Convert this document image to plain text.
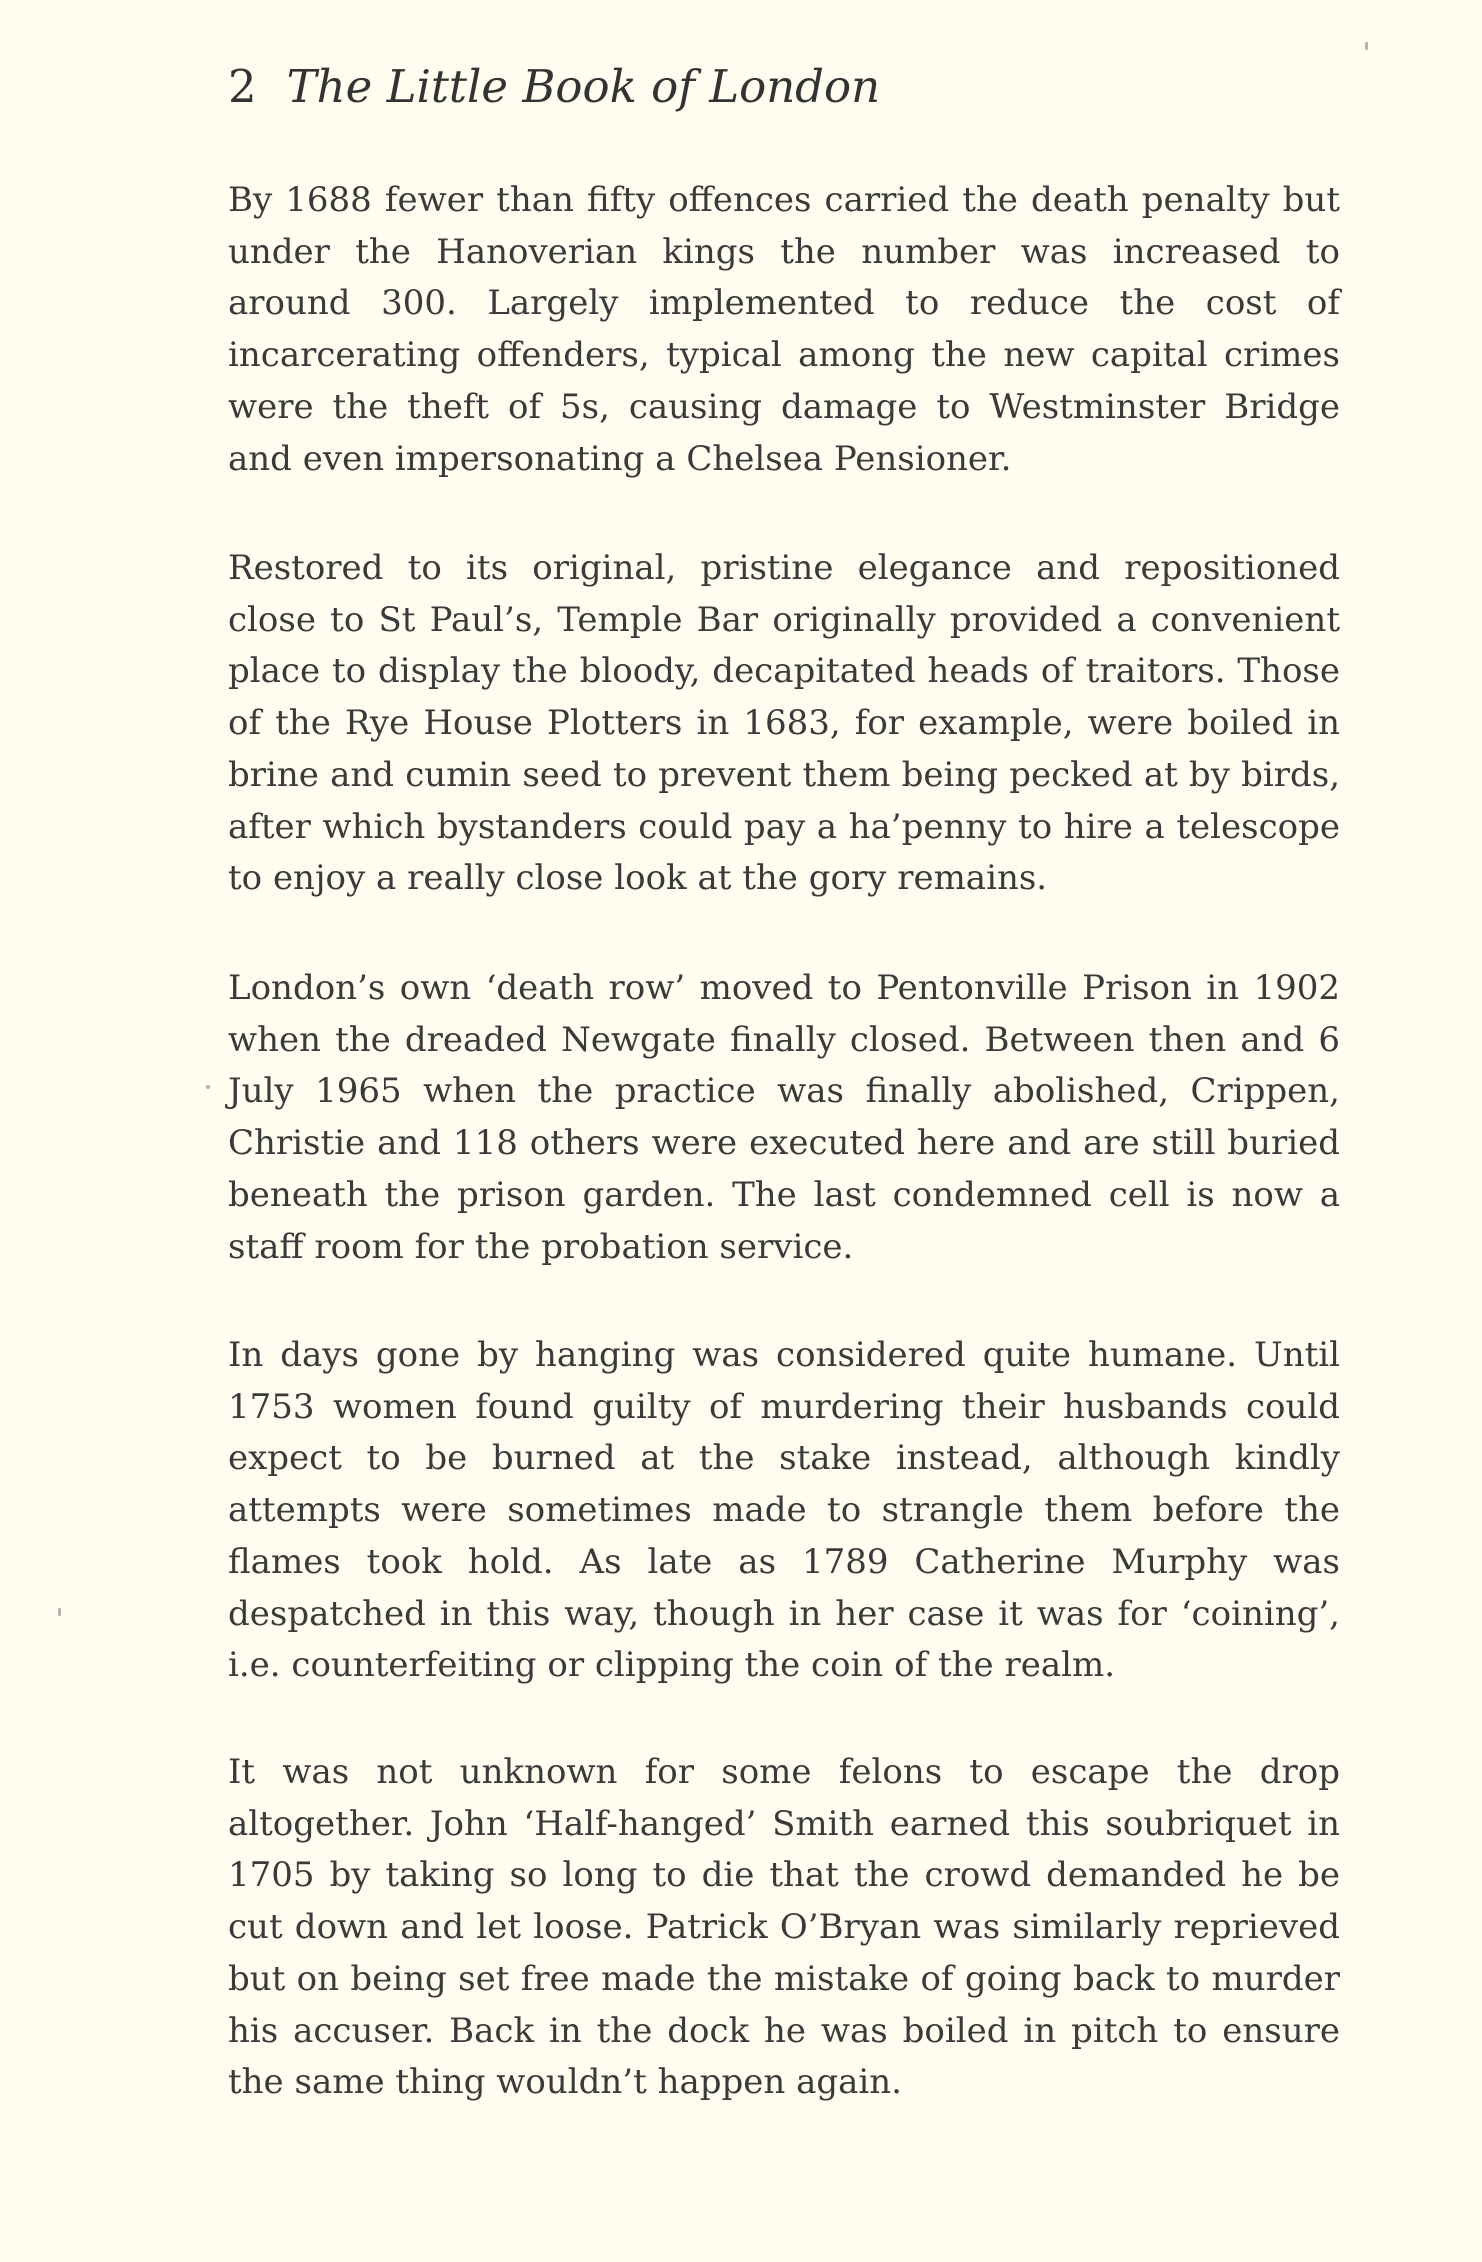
2 The Little Book of London

By 1688 fewer than fifty offences carried the death penalty but under the Hanoverian kings the number was increased to around 300. Largely implemented to reduce the cost of incarcerating offenders, typical among the new capital crimes were the theft of 5s, causing damage to Westminster Bridge and even impersonating a Chelsea Pensioner.

Restored to its original, pristine elegance and repositioned close to St Paul’s, Temple Bar originally provided a convenient place to display the bloody, decapitated heads of traitors. Those of the Rye House Plotters in 1683, for example, were boiled in brine and cumin seed to prevent them being pecked at by birds, after which bystanders could pay a ha’penny to hire a telescope to enjoy a really close look at the gory remains.

London’s own ‘death row’ moved to Pentonville Prison in 1902 when the dreaded Newgate finally closed. Between then and 6 July 1965 when the practice was finally abolished, Crippen, Christie and 118 others were executed here and are still buried beneath the prison garden. The last condemned cell is now a staff room for the probation service.

In days gone by hanging was considered quite humane. Until 1753 women found guilty of murdering their husbands could expect to be burned at the stake instead, although kindly attempts were sometimes made to strangle them before the flames took hold. As late as 1789 Catherine Murphy was despatched in this way, though in her case it was for ‘coining’, i.e. counterfeiting or clipping the coin of the realm.

It was not unknown for some felons to escape the drop altogether. John ‘Half-hanged’ Smith earned this soubriquet in 1705 by taking so long to die that the crowd demanded he be cut down and let loose. Patrick O’Bryan was similarly reprieved but on being set free made the mistake of going back to murder his accuser. Back in the dock he was boiled in pitch to ensure the same thing wouldn’t happen again.
